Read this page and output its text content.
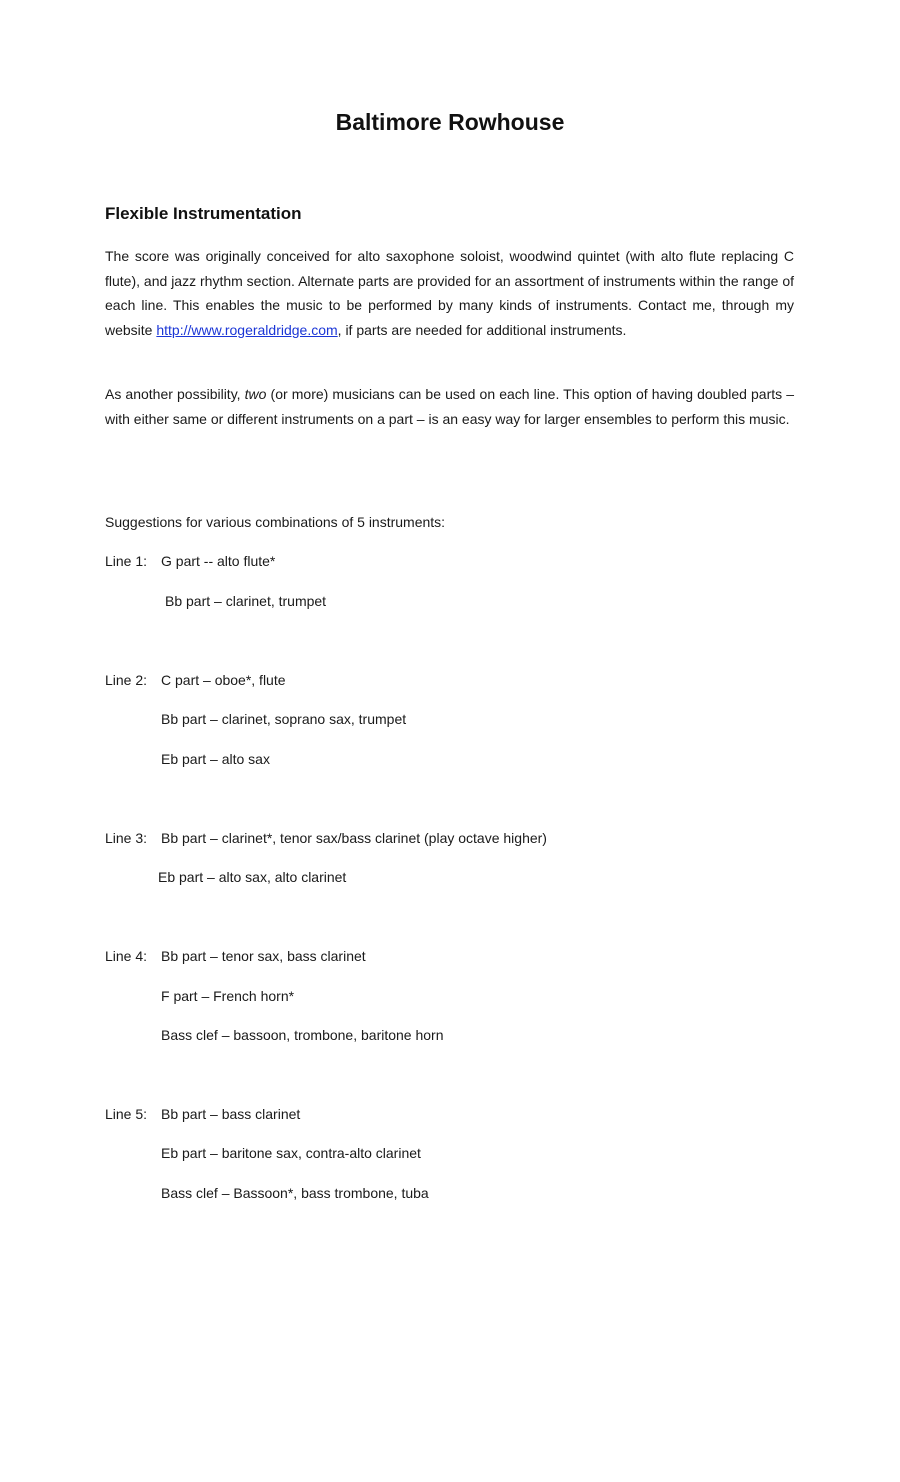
Baltimore Rowhouse
Flexible Instrumentation

The score was originally conceived for alto saxophone soloist, woodwind quintet (with alto flute replacing C flute), and jazz rhythm section. Alternate parts are provided for an assortment of instruments within the range of each line. This enables the music to be performed by many kinds of instruments. Contact me, through my website http://www.rogeraldridge.com, if parts are needed for additional instruments.

As another possibility, two (or more) musicians can be used on each line. This option of having doubled parts – with either same or different instruments on a part – is an easy way for larger ensembles to perform this music.

Suggestions for various combinations of 5 instruments:
Line 1: G part -- alto flute*
Bb part – clarinet, trumpet
Line 2: C part – oboe*, flute
Bb part – clarinet, soprano sax, trumpet
Eb part – alto sax
Line 3: Bb part – clarinet*, tenor sax/bass clarinet (play octave higher)
Eb part – alto sax, alto clarinet
Line 4: Bb part – tenor sax, bass clarinet
F part – French horn*
Bass clef – bassoon, trombone, baritone horn
Line 5: Bb part – bass clarinet
Eb part – baritone sax, contra-alto clarinet
Bass clef – Bassoon*, bass trombone, tuba
